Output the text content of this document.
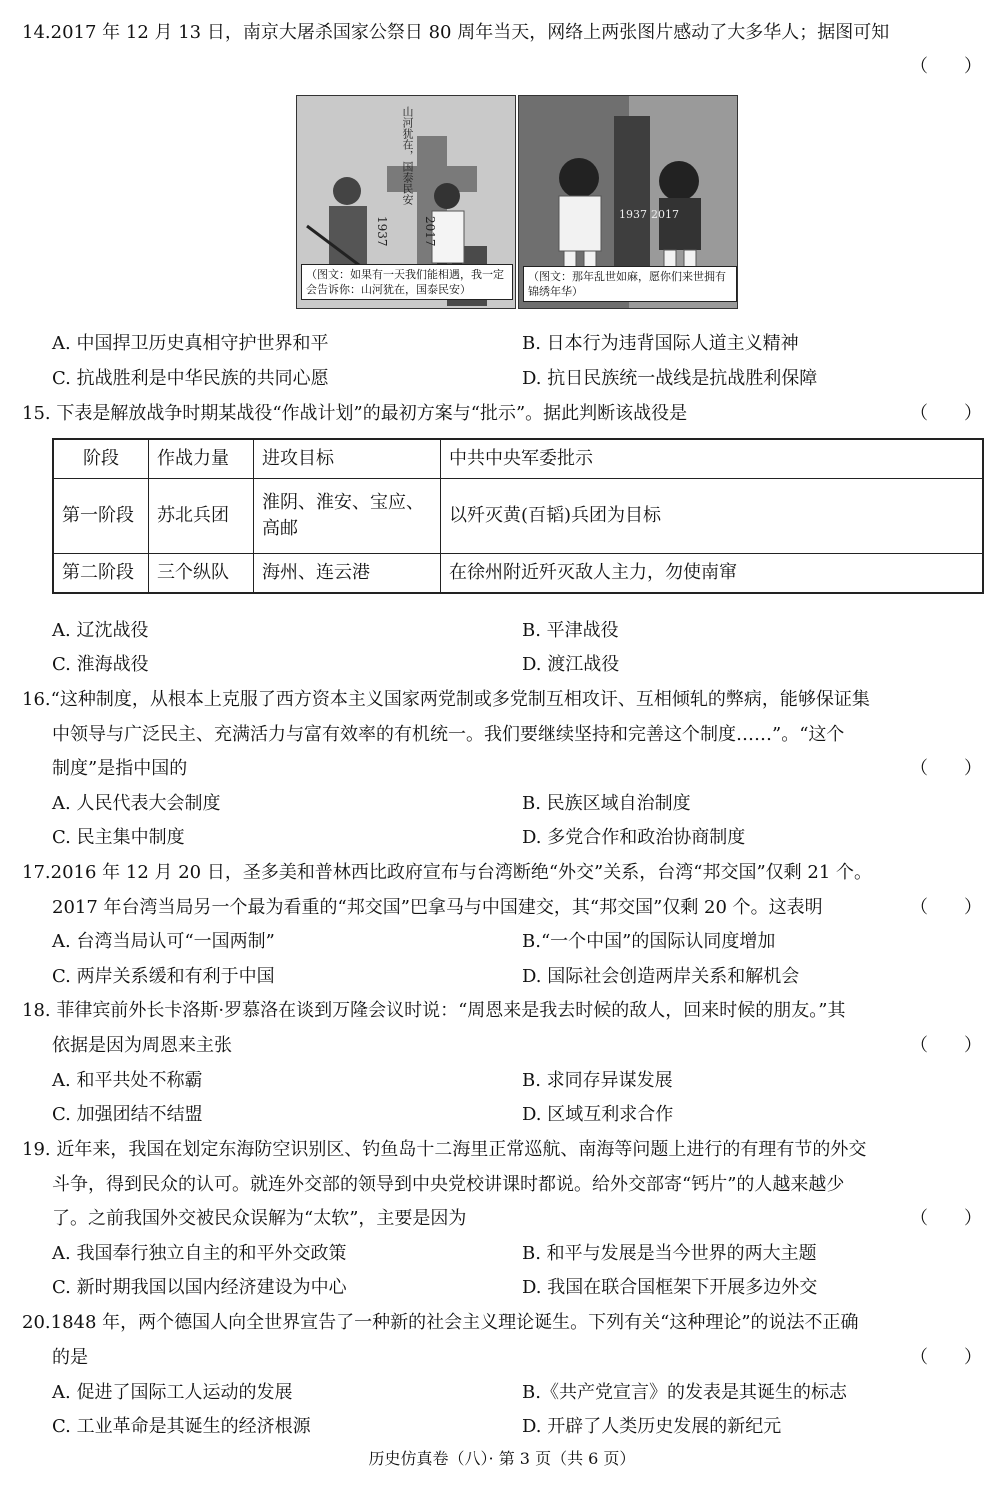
14.2017 年 12 月 13 日，南京大屠杀国家公祭日 80 周年当天，网络上两张图片感动了大多华人；据图可知
（　　）
山河犹在，国泰民安
1937	2017
（图文：如果有一天我们能相遇，我一定会告诉你：山河犹在，国泰民安）
1937 2017
（图文：那年乱世如麻，愿你们来世拥有锦绣年华）
A. 中国捍卫历史真相守护世界和平	B. 日本行为违背国际人道主义精神
C. 抗战胜利是中华民族的共同心愿	D. 抗日民族统一战线是抗战胜利保障
15. 下表是解放战争时期某战役“作战计划”的最初方案与“批示”。据此判断该战役是	（　　）
阶段	作战力量	进攻目标	中共中央军委批示
第一阶段	苏北兵团	淮阴、淮安、宝应、高邮	以歼灭黄(百韬)兵团为目标
第二阶段	三个纵队	海州、连云港	在徐州附近歼灭敌人主力，勿使南窜
A. 辽沈战役	B. 平津战役
C. 淮海战役	D. 渡江战役
16.“这种制度，从根本上克服了西方资本主义国家两党制或多党制互相攻讦、互相倾轧的弊病，能够保证集
中领导与广泛民主、充满活力与富有效率的有机统一。我们要继续坚持和完善这个制度……”。“这个
制度”是指中国的	（　　）
A. 人民代表大会制度	B. 民族区域自治制度
C. 民主集中制度	D. 多党合作和政治协商制度
17.2016 年 12 月 20 日，圣多美和普林西比政府宣布与台湾断绝“外交”关系，台湾“邦交国”仅剩 21 个。
2017 年台湾当局另一个最为看重的“邦交国”巴拿马与中国建交，其“邦交国”仅剩 20 个。这表明	（　　）
A. 台湾当局认可“一国两制”	B.“一个中国”的国际认同度增加
C. 两岸关系缓和有利于中国	D. 国际社会创造两岸关系和解机会
18. 菲律宾前外长卡洛斯·罗慕洛在谈到万隆会议时说：“周恩来是我去时候的敌人，回来时候的朋友。”其
依据是因为周恩来主张	（　　）
A. 和平共处不称霸	B. 求同存异谋发展
C. 加强团结不结盟	D. 区域互利求合作
19. 近年来，我国在划定东海防空识别区、钓鱼岛十二海里正常巡航、南海等问题上进行的有理有节的外交
斗争，得到民众的认可。就连外交部的领导到中央党校讲课时都说。给外交部寄“钙片”的人越来越少
了。之前我国外交被民众误解为“太软”，主要是因为	（　　）
A. 我国奉行独立自主的和平外交政策	B. 和平与发展是当今世界的两大主题
C. 新时期我国以国内经济建设为中心	D. 我国在联合国框架下开展多边外交
20.1848 年，两个德国人向全世界宣告了一种新的社会主义理论诞生。下列有关“这种理论”的说法不正确
的是	（　　）
A. 促进了国际工人运动的发展	B.《共产党宣言》的发表是其诞生的标志
C. 工业革命是其诞生的经济根源	D. 开辟了人类历史发展的新纪元
历史仿真卷（八）· 第 3 页（共 6 页）
